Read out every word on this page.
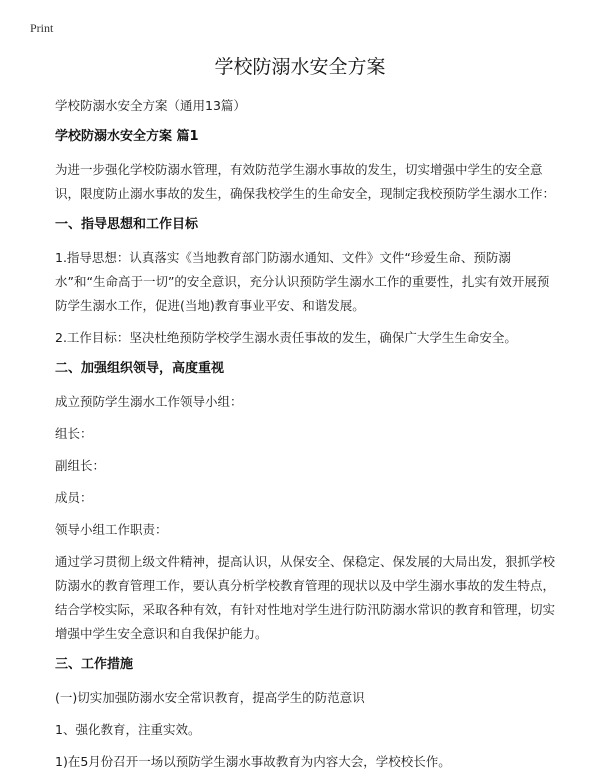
Print
学校防溺水安全方案

学校防溺水安全方案（通用13篇）

学校防溺水安全方案 篇1

为进一步强化学校防溺水管理，有效防范学生溺水事故的发生，切实增强中学生的安全意识，限度防止溺水事故的发生，确保我校学生的生命安全，现制定我校预防学生溺水工作：

一、指导思想和工作目标

1.指导思想：认真落实《当地教育部门防溺水通知、文件》文件“珍爱生命、预防溺水”和“生命高于一切”的安全意识，充分认识预防学生溺水工作的重要性，扎实有效开展预防学生溺水工作，促进(当地)教育事业平安、和谐发展。

2.工作目标：坚决杜绝预防学校学生溺水责任事故的发生，确保广大学生生命安全。

二、加强组织领导，高度重视

成立预防学生溺水工作领导小组：

组长：

副组长：

成员：

领导小组工作职责：

通过学习贯彻上级文件精神，提高认识，从保安全、保稳定、保发展的大局出发，狠抓学校防溺水的教育管理工作，要认真分析学校教育管理的现状以及中学生溺水事故的发生特点，结合学校实际，采取各种有效，有针对性地对学生进行防汛防溺水常识的教育和管理，切实增强中学生安全意识和自我保护能力。

三、工作措施

(一)切实加强防溺水安全常识教育，提高学生的防范意识

1、强化教育，注重实效。

1)在5月份召开一场以预防学生溺水事故教育为内容大会，学校校长作。
